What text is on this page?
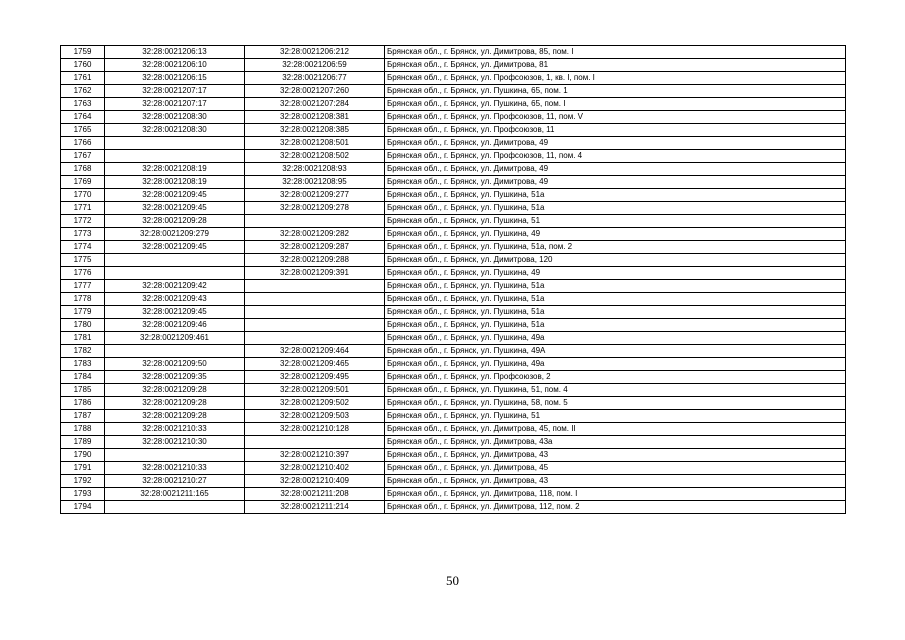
1759	32:28:0021206:13	32:28:0021206:212	Брянская обл., г. Брянск, ул. Димитрова, 85, пом. I
1760	32:28:0021206:10	32:28:0021206:59	Брянская обл., г. Брянск, ул. Димитрова, 81
1761	32:28:0021206:15	32:28:0021206:77	Брянская обл., г. Брянск, ул. Профсоюзов, 1, кв. I, пом. I
1762	32:28:0021207:17	32:28:0021207:260	Брянская обл., г. Брянск, ул. Пушкина, 65, пом. 1
1763	32:28:0021207:17	32:28:0021207:284	Брянская обл., г. Брянск, ул. Пушкина, 65, пом. I
1764	32:28:0021208:30	32:28:0021208:381	Брянская обл., г. Брянск, ул. Профсоюзов, 11, пом. V
1765	32:28:0021208:30	32:28:0021208:385	Брянская обл., г. Брянск, ул. Профсоюзов, 11
1766		32:28:0021208:501	Брянская обл., г. Брянск, ул. Димитрова, 49
1767		32:28:0021208:502	Брянская обл., г. Брянск, ул. Профсоюзов, 11, пом. 4
1768	32:28:0021208:19	32:28:0021208:93	Брянская обл., г. Брянск, ул. Димитрова, 49
1769	32:28:0021208:19	32:28:0021208:95	Брянская обл., г. Брянск, ул. Димитрова, 49
1770	32:28:0021209:45	32:28:0021209:277	Брянская обл., г. Брянск, ул. Пушкина, 51а
1771	32:28:0021209:45	32:28:0021209:278	Брянская обл., г. Брянск, ул. Пушкина, 51а
1772	32:28:0021209:28		Брянская обл., г. Брянск, ул. Пушкина, 51
1773	32:28:0021209:279	32:28:0021209:282	Брянская обл., г. Брянск, ул. Пушкина, 49
1774	32:28:0021209:45	32:28:0021209:287	Брянская обл., г. Брянск, ул. Пушкина, 51а, пом. 2
1775		32:28:0021209:288	Брянская обл., г. Брянск, ул. Димитрова, 120
1776		32:28:0021209:391	Брянская обл., г. Брянск, ул. Пушкина, 49
1777	32:28:0021209:42		Брянская обл., г. Брянск, ул. Пушкина, 51а
1778	32:28:0021209:43		Брянская обл., г. Брянск, ул. Пушкина, 51а
1779	32:28:0021209:45		Брянская обл., г. Брянск, ул. Пушкина, 51а
1780	32:28:0021209:46		Брянская обл., г. Брянск, ул. Пушкина, 51а
1781	32:28:0021209:461		Брянская обл., г. Брянск, ул. Пушкина, 49а
1782		32:28:0021209:464	Брянская обл., г. Брянск, ул. Пушкина, 49А
1783	32:28:0021209:50	32:28:0021209:465	Брянская обл., г. Брянск, ул. Пушкина, 49а
1784	32:28:0021209:35	32:28:0021209:495	Брянская обл., г. Брянск, ул. Профсоюзов, 2
1785	32:28:0021209:28	32:28:0021209:501	Брянская обл., г. Брянск, ул. Пушкина, 51, пом. 4
1786	32:28:0021209:28	32:28:0021209:502	Брянская обл., г. Брянск, ул. Пушкина, 58, пом. 5
1787	32:28:0021209:28	32:28:0021209:503	Брянская обл., г. Брянск, ул. Пушкина, 51
1788	32:28:0021210:33	32:28:0021210:128	Брянская обл., г. Брянск, ул. Димитрова, 45, пом. II
1789	32:28:0021210:30		Брянская обл., г. Брянск, ул. Димитрова, 43а
1790		32:28:0021210:397	Брянская обл., г. Брянск, ул. Димитрова, 43
1791	32:28:0021210:33	32:28:0021210:402	Брянская обл., г. Брянск, ул. Димитрова, 45
1792	32:28:0021210:27	32:28:0021210:409	Брянская обл., г. Брянск, ул. Димитрова, 43
1793	32:28:0021211:165	32:28:0021211:208	Брянская обл., г. Брянск, ул. Димитрова, 118, пом. I
1794		32:28:0021211:214	Брянская обл., г. Брянск, ул. Димитрова, 112, пом. 2
50
